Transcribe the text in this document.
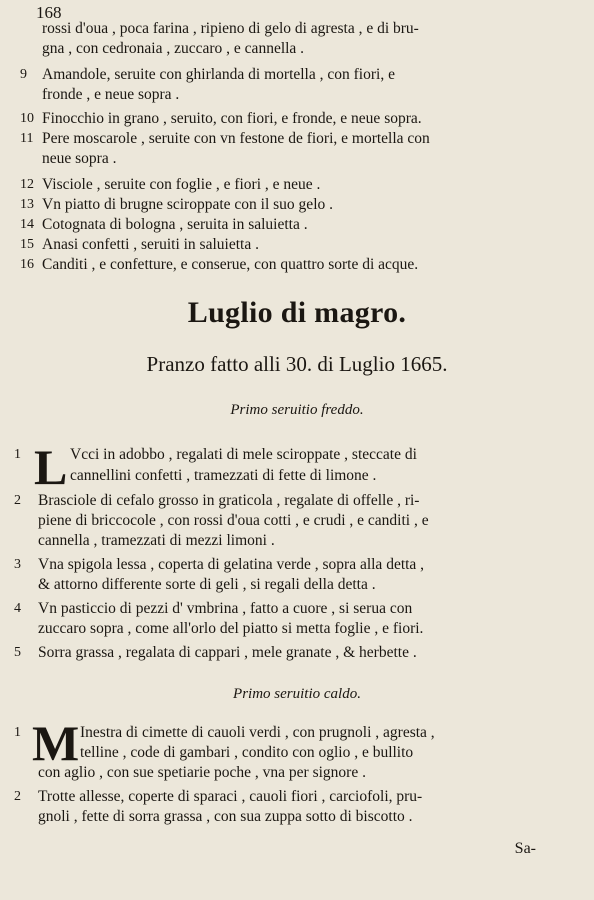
168
rossi d'oua , poca farina , ripieno di gelo di agresta , e di bru-
gna , con cedronaia , zuccaro , e cannella .
9 Amandole, seruite con ghirlanda di mortella , con fiori, e
fronde , e neue sopra .
10 Finocchio in grano , seruito, con fiori, e fronde, e neue sopra.
11 Pere moscarole , seruite con vn festone de fiori, e mortella con
neue sopra .
12 Visciole , seruite con foglie , e fiori , e neue .
13 Vn piatto di brugne sciroppate con il suo gelo .
14 Cotognata di bologna , seruita in saluietta .
15 Anasi confetti , seruiti in saluietta .
16 Canditi , e confetture, e conserue, con quattro sorte di acque.
Luglio di magro.
Pranzo fatto alli 30. di Luglio 1665.
Primo seruitio freddo.
L
1	Vcci in adobbo , regalati di mele sciroppate , steccate di
cannellini confetti , tramezzati di fette di limone .
2	Brasciole di cefalo grosso in graticola , regalate di offelle , ri-
piene di briccocole , con rossi d'oua cotti , e crudi , e canditi , e
cannella , tramezzati di mezzi limoni .
3	Vna spigola lessa , coperta di gelatina verde , sopra alla detta ,
& attorno differente sorte di geli , si regali della detta .
4	Vn pasticcio di pezzi d' vmbrina , fatto a cuore , si serua con
zuccaro sopra , come all'orlo del piatto si metta foglie , e fiori.
5	Sorra grassa , regalata di cappari , mele granate , & herbette .
Primo seruitio caldo.
M
1	Inestra di cimette di cauoli verdi , con prugnoli , agresta ,
telline , code di gambari , condito con oglio , e bullito
con aglio , con sue spetiarie poche , vna per signore .
2	Trotte allesse, coperte di sparaci , cauoli fiori , carciofoli, pru-
gnoli , fette di sorra grassa , con sua zuppa sotto di biscotto .
Sa-
